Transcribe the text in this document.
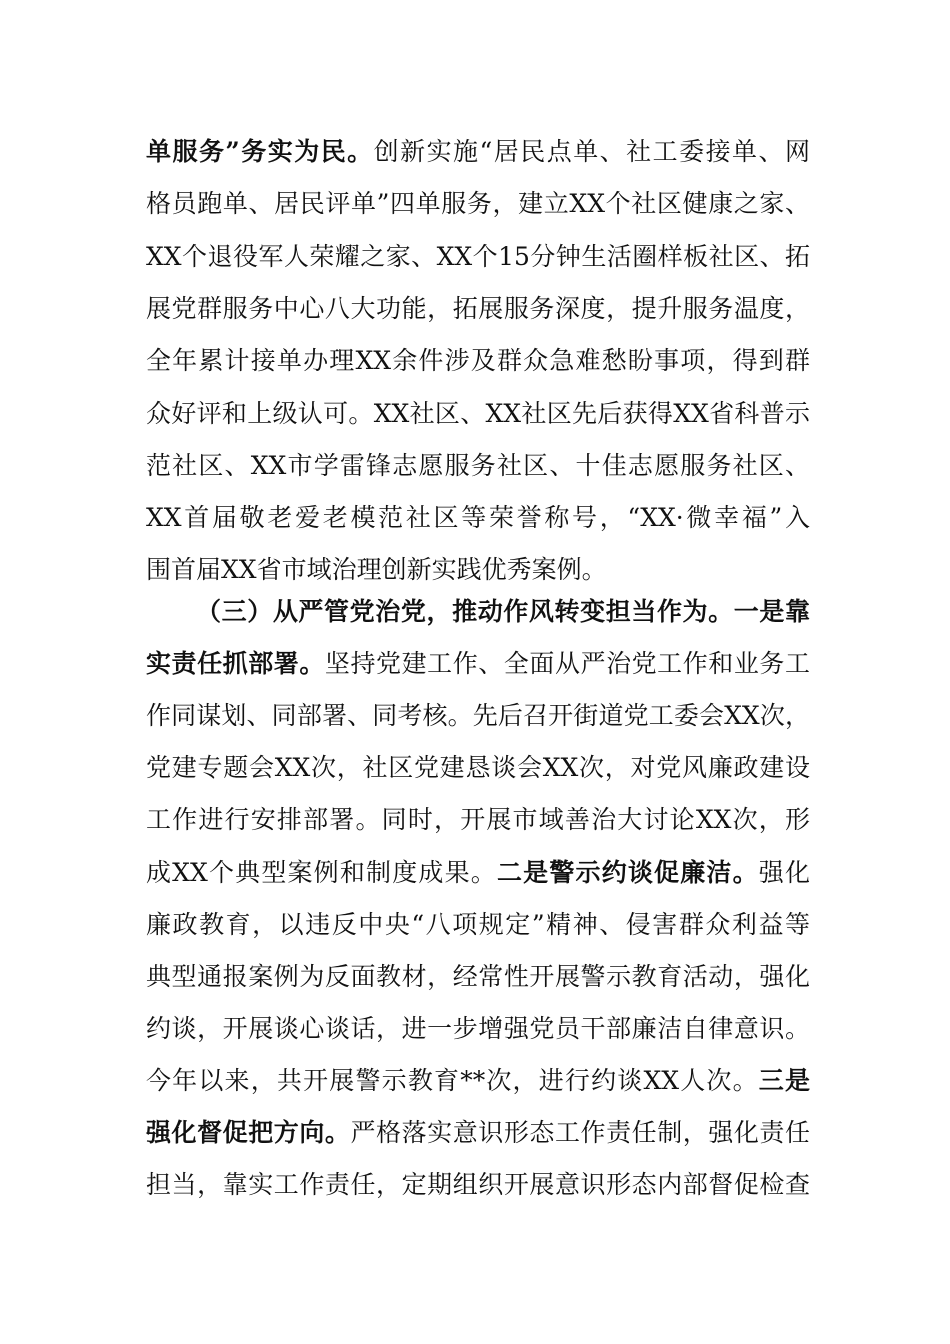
单服务”务实为民。创新实施“居民点单、社工委接单、网
格员跑单、居民评单”四单服务，建立XX个社区健康之家、
XX个退役军人荣耀之家、XX个15分钟生活圈样板社区、拓
展党群服务中心八大功能，拓展服务深度，提升服务温度，
全年累计接单办理XX余件涉及群众急难愁盼事项，得到群
众好评和上级认可。XX社区、XX社区先后获得XX省科普示
范社区、XX市学雷锋志愿服务社区、十佳志愿服务社区、
XX首届敬老爱老模范社区等荣誉称号，“XX·微幸福”入
围首届XX省市域治理创新实践优秀案例。
（三）从严管党治党，推动作风转变担当作为。一是靠
实责任抓部署。坚持党建工作、全面从严治党工作和业务工
作同谋划、同部署、同考核。先后召开街道党工委会XX次，
党建专题会XX次，社区党建恳谈会XX次，对党风廉政建设
工作进行安排部署。同时，开展市域善治大讨论XX次，形
成XX个典型案例和制度成果。二是警示约谈促廉洁。强化
廉政教育，以违反中央“八项规定”精神、侵害群众利益等
典型通报案例为反面教材，经常性开展警示教育活动，强化
约谈，开展谈心谈话，进一步增强党员干部廉洁自律意识。
今年以来，共开展警示教育**次，进行约谈XX人次。三是
强化督促把方向。严格落实意识形态工作责任制，强化责任
担当，靠实工作责任，定期组织开展意识形态内部督促检查
